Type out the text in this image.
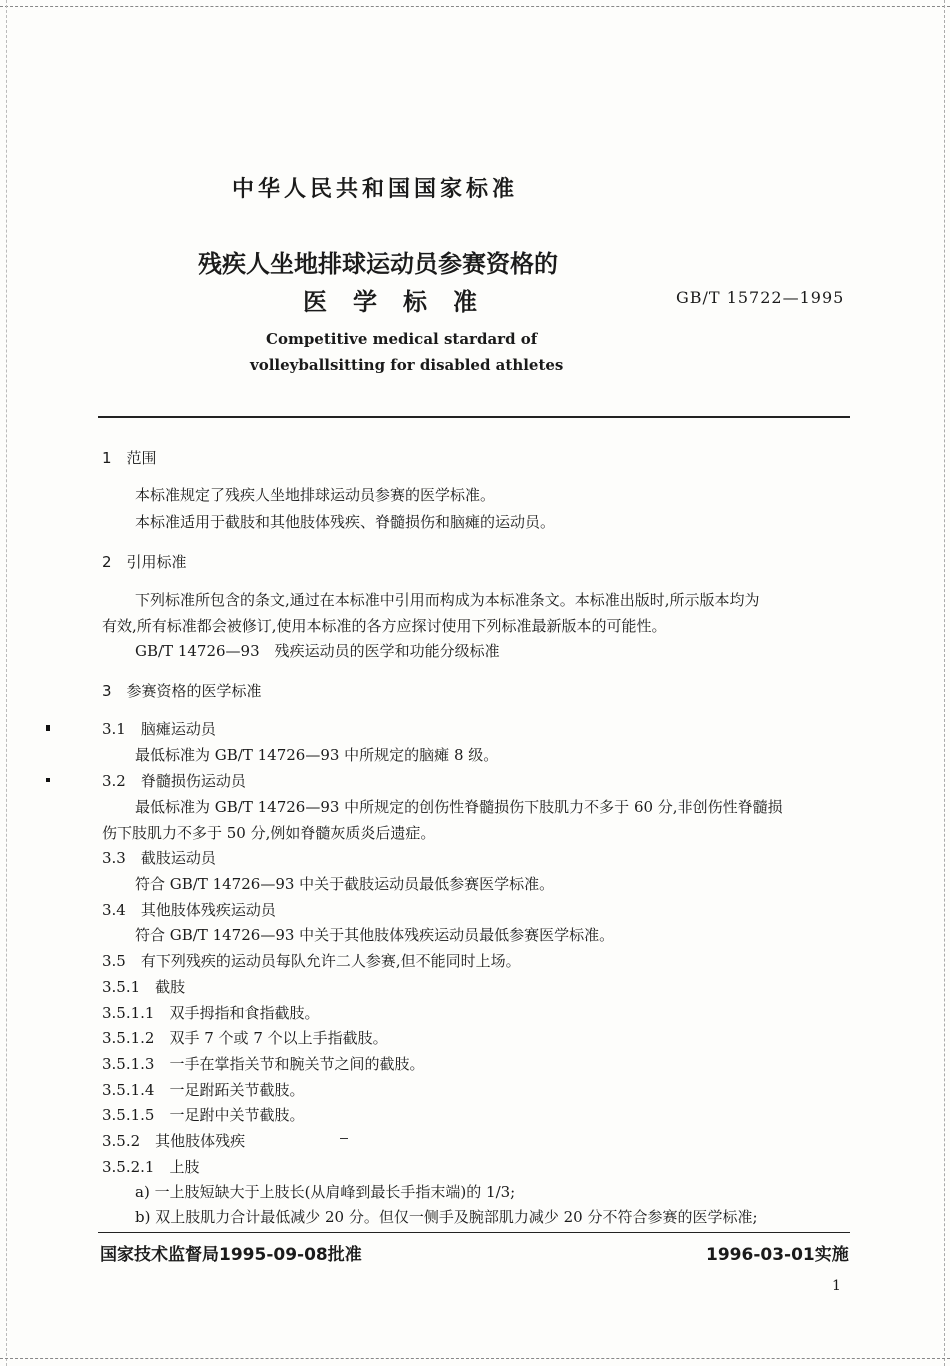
中华人民共和国国家标准
残疾人坐地排球运动员参赛资格的
医学标准	GB/T 15722—1995
Competitive medical stardard of
volleyballsitting for disabled athletes
1　范围
本标准规定了残疾人坐地排球运动员参赛的医学标准。
本标准适用于截肢和其他肢体残疾、脊髓损伤和脑瘫的运动员。
2　引用标准
下列标准所包含的条文,通过在本标准中引用而构成为本标准条文。本标准出版时,所示版本均为
有效,所有标准都会被修订,使用本标准的各方应探讨使用下列标准最新版本的可能性。
GB/T 14726—93　残疾运动员的医学和功能分级标准
3　参赛资格的医学标准
3.1　脑瘫运动员
最低标准为 GB/T 14726—93 中所规定的脑瘫 8 级。
3.2　脊髓损伤运动员
最低标准为 GB/T 14726—93 中所规定的创伤性脊髓损伤下肢肌力不多于 60 分,非创伤性脊髓损
伤下肢肌力不多于 50 分,例如脊髓灰质炎后遗症。
3.3　截肢运动员
符合 GB/T 14726—93 中关于截肢运动员最低参赛医学标准。
3.4　其他肢体残疾运动员
符合 GB/T 14726—93 中关于其他肢体残疾运动员最低参赛医学标准。
3.5　有下列残疾的运动员每队允许二人参赛,但不能同时上场。
3.5.1　截肢
3.5.1.1　双手拇指和食指截肢。
3.5.1.2　双手 7 个或 7 个以上手指截肢。
3.5.1.3　一手在掌指关节和腕关节之间的截肢。
3.5.1.4　一足跗跖关节截肢。
3.5.1.5　一足跗中关节截肢。
3.5.2　其他肢体残疾
3.5.2.1　上肢
a) 一上肢短缺大于上肢长(从肩峰到最长手指末端)的 1/3;
b) 双上肢肌力合计最低减少 20 分。但仅一侧手及腕部肌力减少 20 分不符合参赛的医学标准;
国家技术监督局1995-09-08批准	1996-03-01实施
1
